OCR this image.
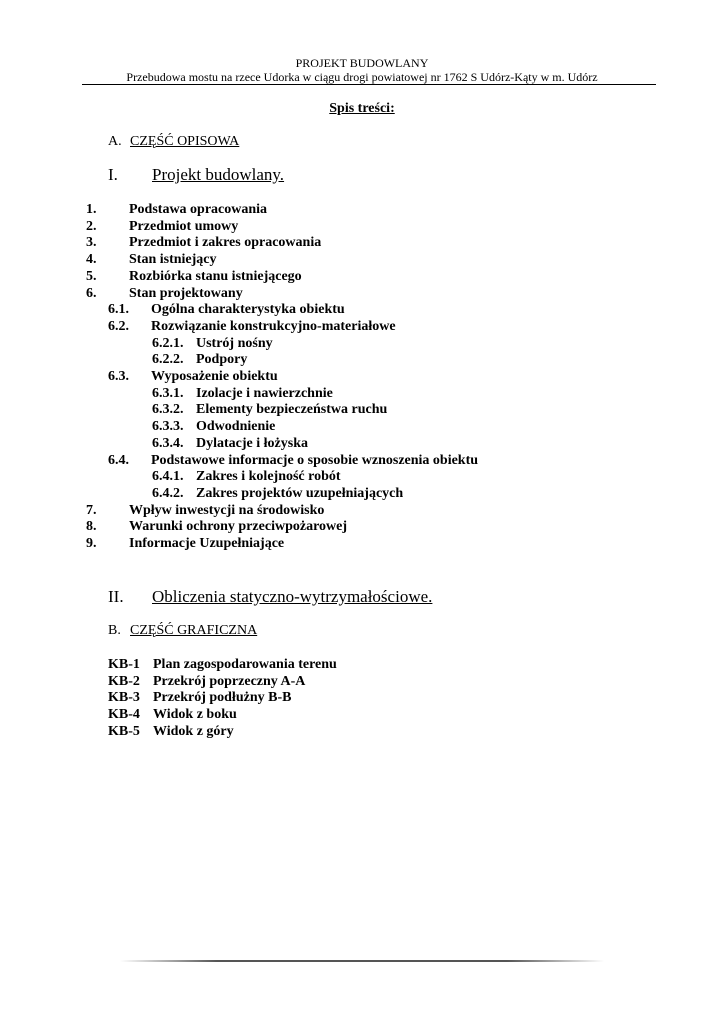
PROJEKT BUDOWLANY
Przebudowa mostu na rzece Udorka w ciągu drogi powiatowej nr 1762 S Udórz-Kąty w m. Udórz
Spis treści:
A. CZĘŚĆ OPISOWA
I. Projekt budowlany.
1. Podstawa opracowania
2. Przedmiot umowy
3. Przedmiot i zakres opracowania
4. Stan istniejący
5. Rozbiórka stanu istniejącego
6. Stan projektowany
6.1. Ogólna charakterystyka obiektu
6.2. Rozwiązanie konstrukcyjno-materiałowe
6.2.1. Ustrój nośny
6.2.2. Podpory
6.3. Wyposażenie obiektu
6.3.1. Izolacje i nawierzchnie
6.3.2. Elementy bezpieczeństwa ruchu
6.3.3. Odwodnienie
6.3.4. Dylatacje i łożyska
6.4. Podstawowe informacje o sposobie wznoszenia obiektu
6.4.1. Zakres i kolejność robót
6.4.2. Zakres projektów uzupełniających
7. Wpływ inwestycji na środowisko
8. Warunki ochrony przeciwpożarowej
9. Informacje Uzupełniające
II. Obliczenia statyczno-wytrzymałościowe.
B. CZĘŚĆ GRAFICZNA
KB-1 Plan zagospodarowania terenu
KB-2 Przekrój poprzeczny A-A
KB-3 Przekrój podłużny B-B
KB-4 Widok z boku
KB-5 Widok z góry
